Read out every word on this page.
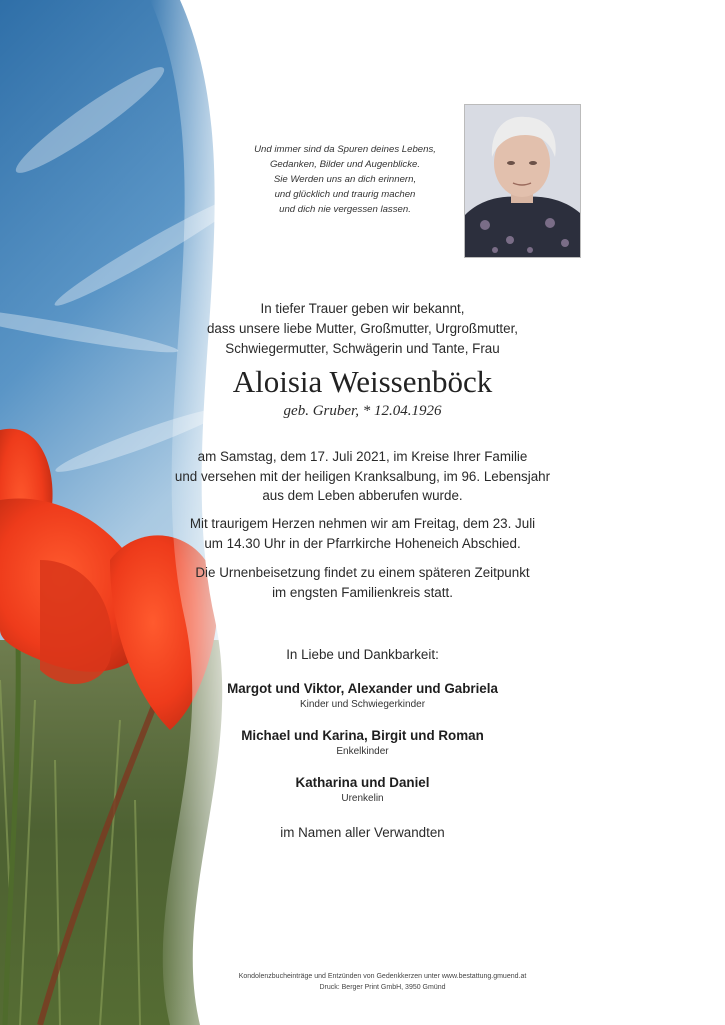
Und immer sind da Spuren deines Lebens,
Gedanken, Bilder und Augenblicke.
Sie Werden uns an dich erinnern,
und glücklich und traurig machen
und dich nie vergessen lassen.
In tiefer Trauer geben wir bekannt,
dass unsere liebe Mutter, Großmutter, Urgroßmutter,
Schwiegermutter, Schwägerin und Tante, Frau
Aloisia Weissenböck
geb. Gruber, * 12.04.1926
am Samstag, dem 17. Juli 2021, im Kreise Ihrer Familie
und versehen mit der heiligen Kranksalbung, im 96. Lebensjahr
aus dem Leben abberufen wurde.
Mit traurigem Herzen nehmen wir am Freitag, dem 23. Juli
um 14.30 Uhr in der Pfarrkirche Hoheneich Abschied.
Die Urnenbeisetzung findet zu einem späteren Zeitpunkt
im engsten Familienkreis statt.
In Liebe und Dankbarkeit:
Margot und Viktor, Alexander und Gabriela
Kinder und Schwiegerkinder
Michael und Karina, Birgit und Roman
Enkelkinder
Katharina und Daniel
Urenkelin
im Namen aller Verwandten
Kondolenzbucheinträge und Entzünden von Gedenkkerzen unter www.bestattung.gmuend.at
Druck: Berger Print GmbH, 3950 Gmünd
